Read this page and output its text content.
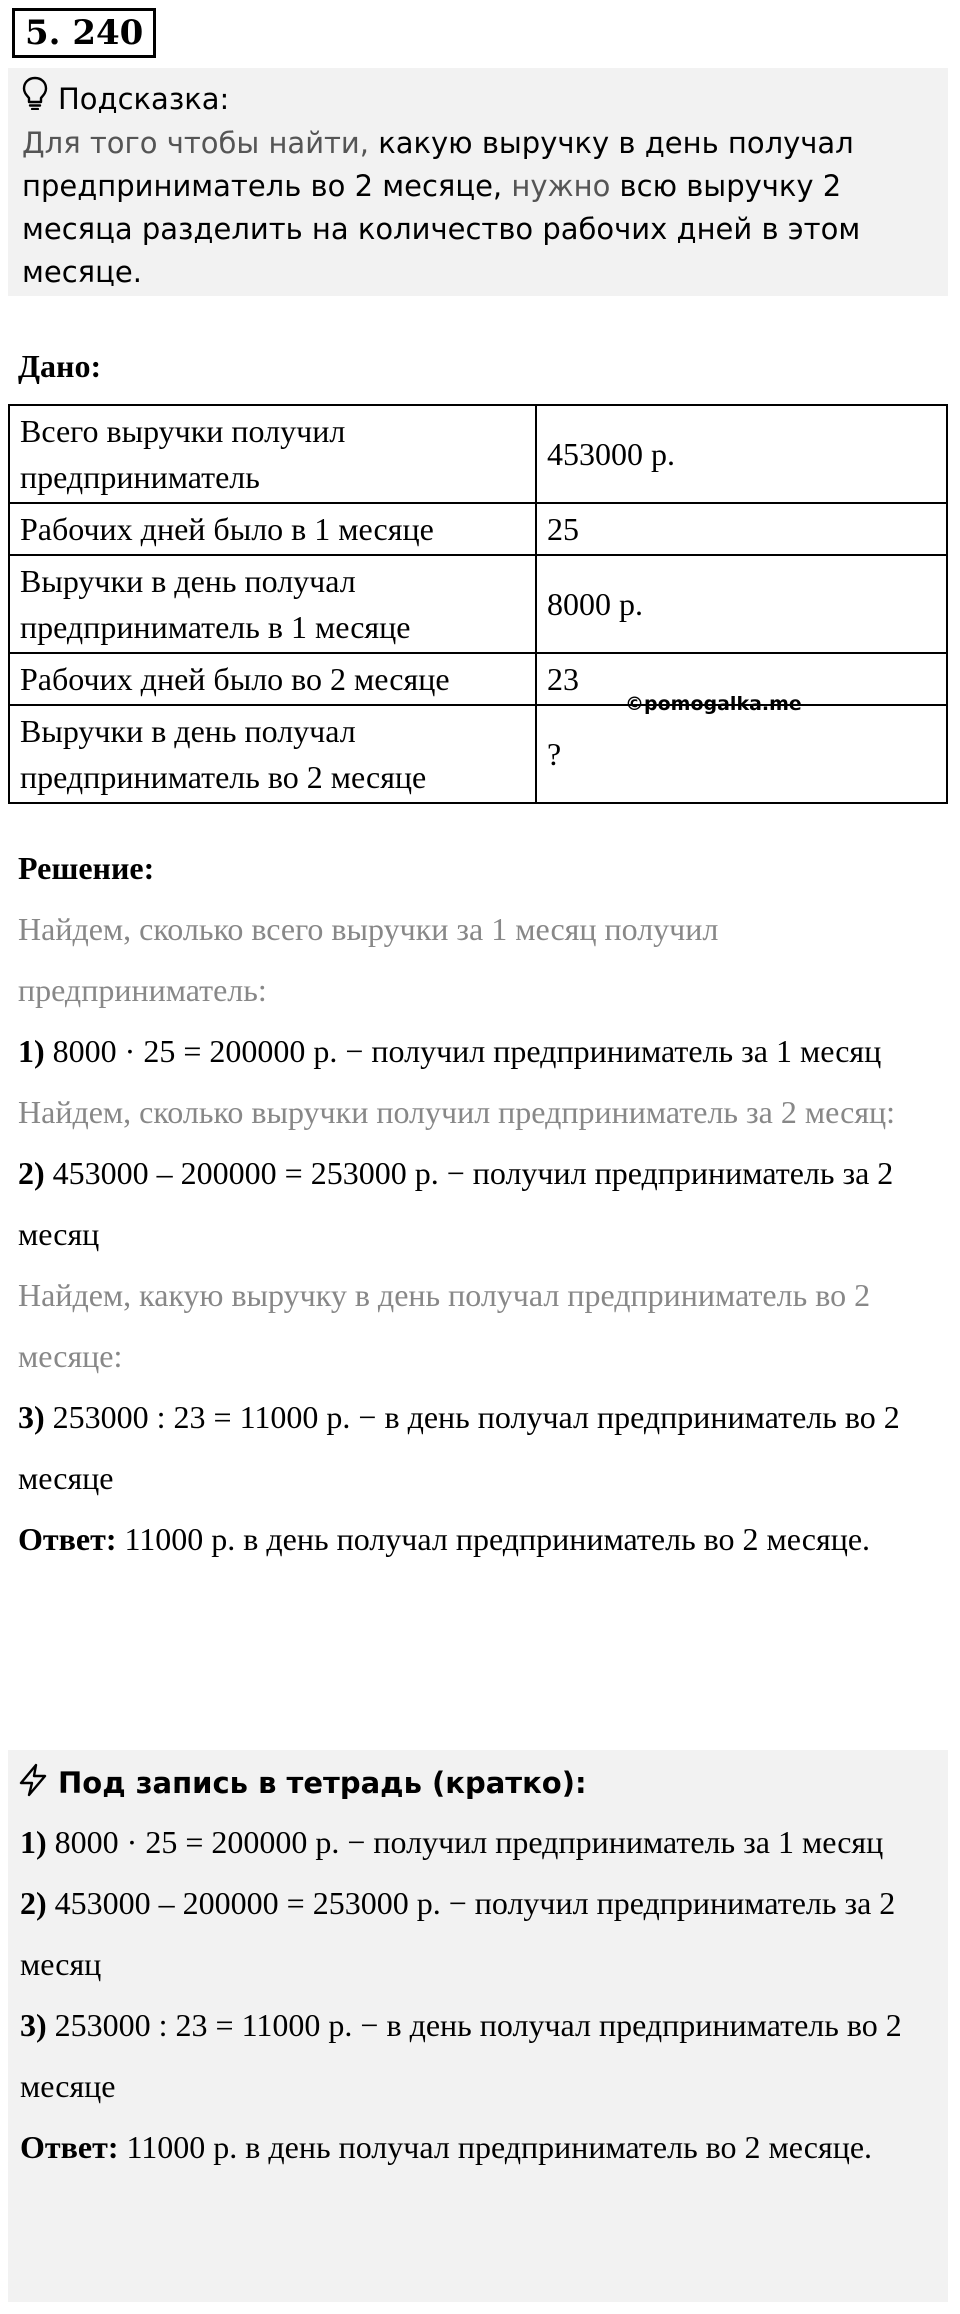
5. 240
Подсказка:
Для того чтобы найти, какую выручку в день получал предприниматель во 2 месяце, нужно всю выручку 2 месяца разделить на количество рабочих дней в этом месяце.
Дано:
Всего выручки получил предприниматель	453000 р.
Рабочих дней было в 1 месяце	25
Выручки в день получал предприниматель в 1 месяце	8000 р.
Рабочих дней было во 2 месяце	23
Выручки в день получал предприниматель во 2 месяце	?
©pomogalka.me
Решение:
Найдем, сколько всего выручки за 1 месяц получил предприниматель:
1) 8000 · 25 = 200000 р. − получил предприниматель за 1 месяц
Найдем, сколько выручки получил предприниматель за 2 месяц:
2) 453000 – 200000 = 253000 р. − получил предприниматель за 2 месяц
Найдем, какую выручку в день получал предприниматель во 2 месяце:
3) 253000 : 23 = 11000 р. − в день получал предприниматель во 2 месяце
Ответ: 11000 р. в день получал предприниматель во 2 месяце.
Под запись в тетрадь (кратко):
1) 8000 · 25 = 200000 р. − получил предприниматель за 1 месяц
2) 453000 – 200000 = 253000 р. − получил предприниматель за 2 месяц
3) 253000 : 23 = 11000 р. − в день получал предприниматель во 2 месяце
Ответ: 11000 р. в день получал предприниматель во 2 месяце.
